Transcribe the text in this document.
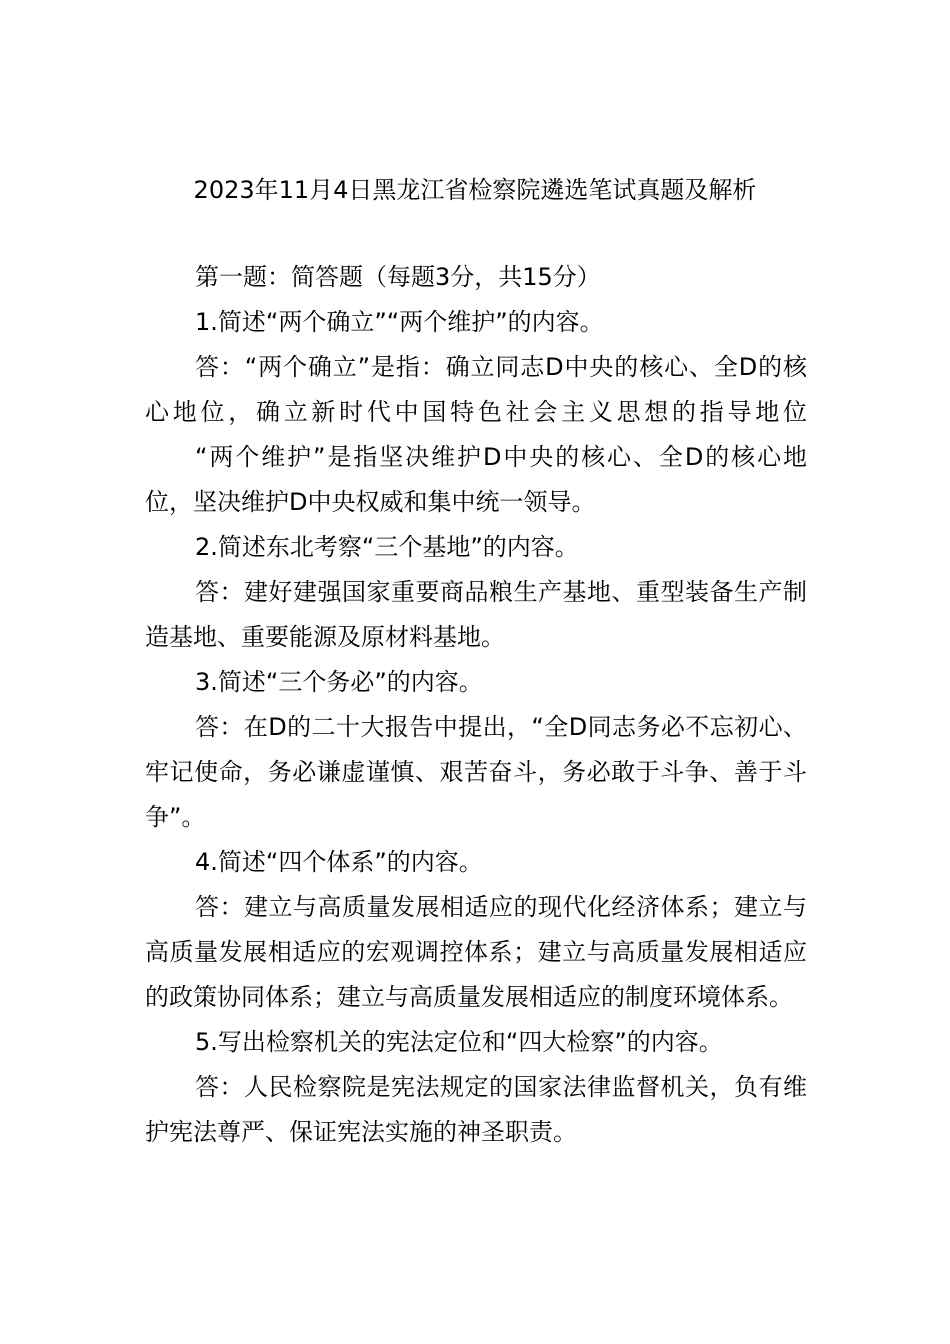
2023年11月4日黑龙江省检察院遴选笔试真题及解析

第一题：简答题（每题3分，共15分）

1.简述“两个确立”“两个维护”的内容。

答：“两个确立”是指：确立同志D中央的核心、全D的核心地位，确立新时代中国特色社会主义思想的指导地位

“两个维护”是指坚决维护D中央的核心、全D的核心地位，坚决维护D中央权威和集中统一领导。

2.简述东北考察“三个基地”的内容。

答：建好建强国家重要商品粮生产基地、重型装备生产制造基地、重要能源及原材料基地。

3.简述“三个务必”的内容。

答：在D的二十大报告中提出，“全D同志务必不忘初心、牢记使命，务必谦虚谨慎、艰苦奋斗，务必敢于斗争、善于斗争”。

4.简述“四个体系”的内容。

答：建立与高质量发展相适应的现代化经济体系；建立与高质量发展相适应的宏观调控体系；建立与高质量发展相适应的政策协同体系；建立与高质量发展相适应的制度环境体系。

5.写出检察机关的宪法定位和“四大检察”的内容。

答：人民检察院是宪法规定的国家法律监督机关，负有维护宪法尊严、保证宪法实施的神圣职责。
